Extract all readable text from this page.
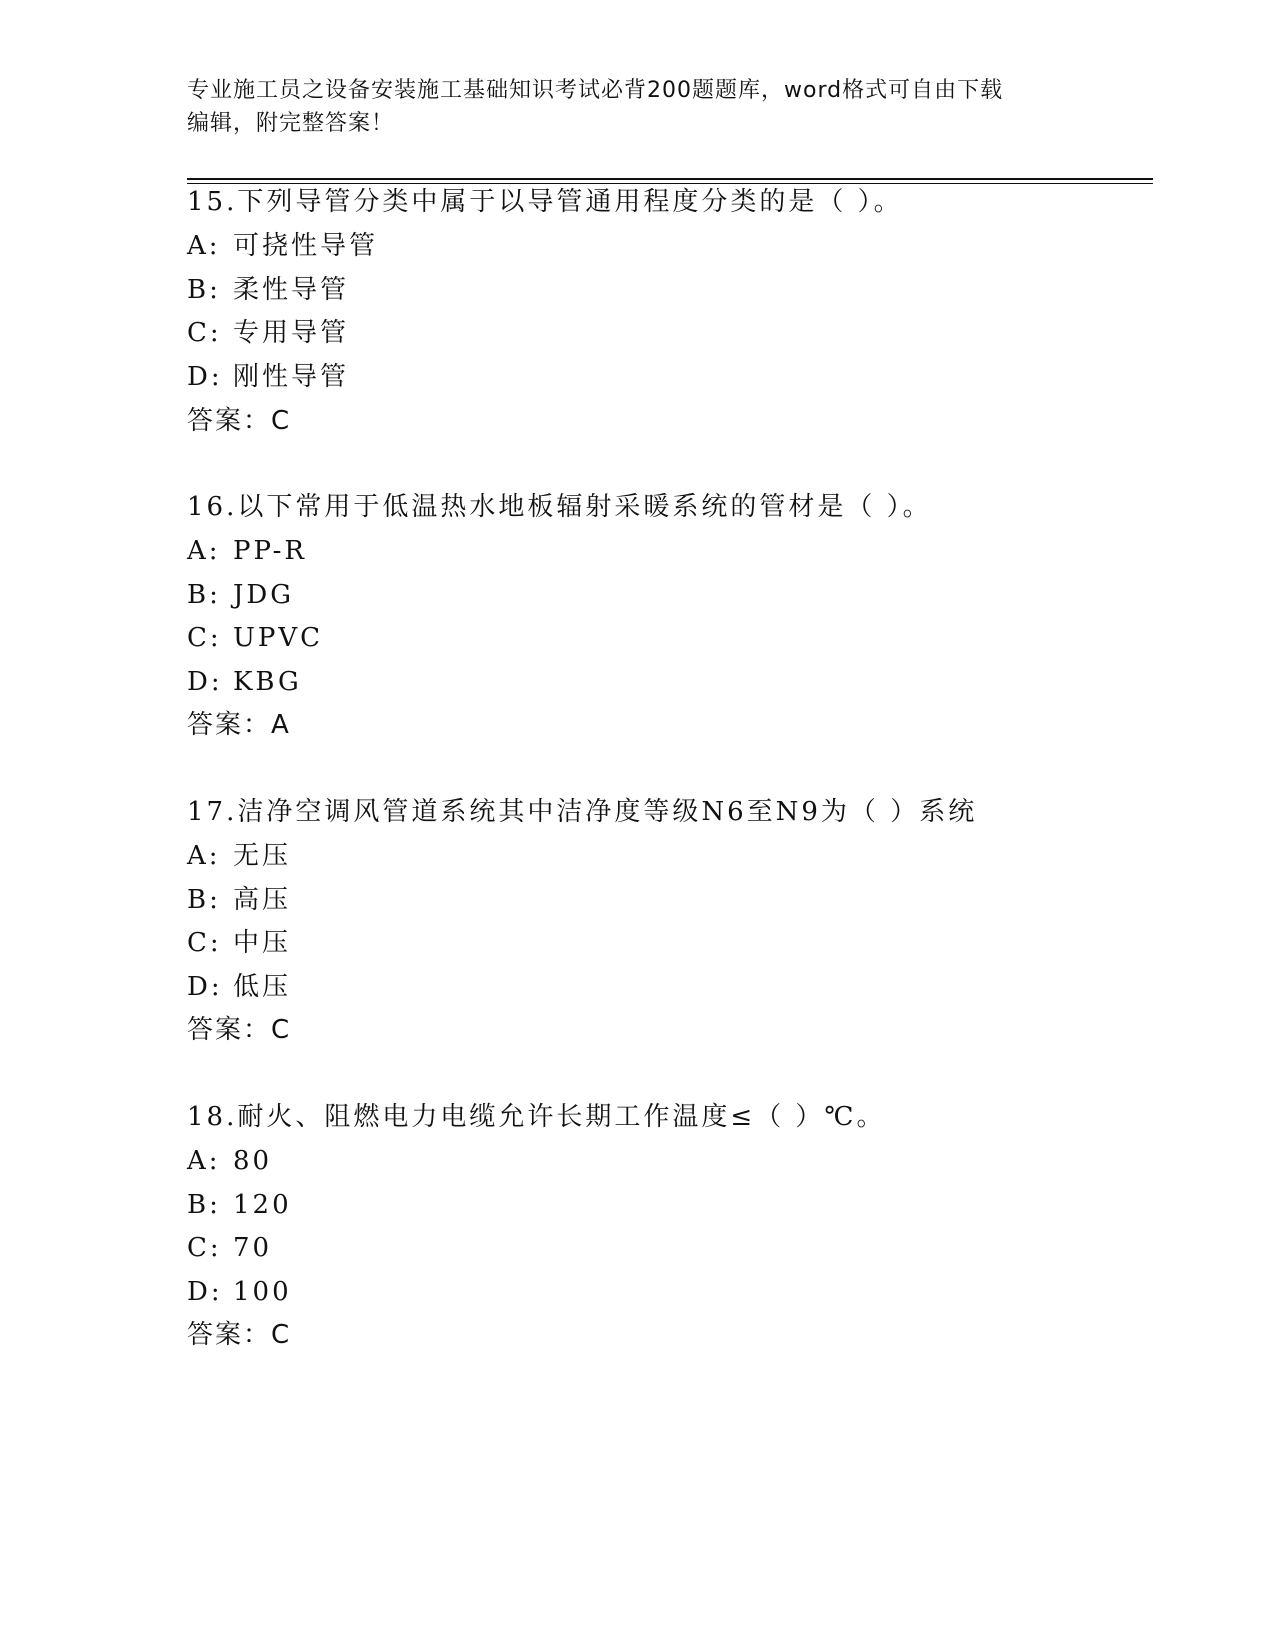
专业施工员之设备安装施工基础知识考试必背200题题库，word格式可自由下载
编辑，附完整答案！
15.下列导管分类中属于以导管通用程度分类的是（ ）。
A: 可挠性导管
B: 柔性导管
C: 专用导管
D: 刚性导管
答案：C
16.以下常用于低温热水地板辐射采暖系统的管材是（ ）。
A: PP-R
B: JDG
C: UPVC
D: KBG
答案：A
17.洁净空调风管道系统其中洁净度等级N6至N9为（ ）系统
A: 无压
B: 高压
C: 中压
D: 低压
答案：C
18.耐火、阻燃电力电缆允许长期工作温度≤（ ）℃。
A: 80
B: 120
C: 70
D: 100
答案：C
